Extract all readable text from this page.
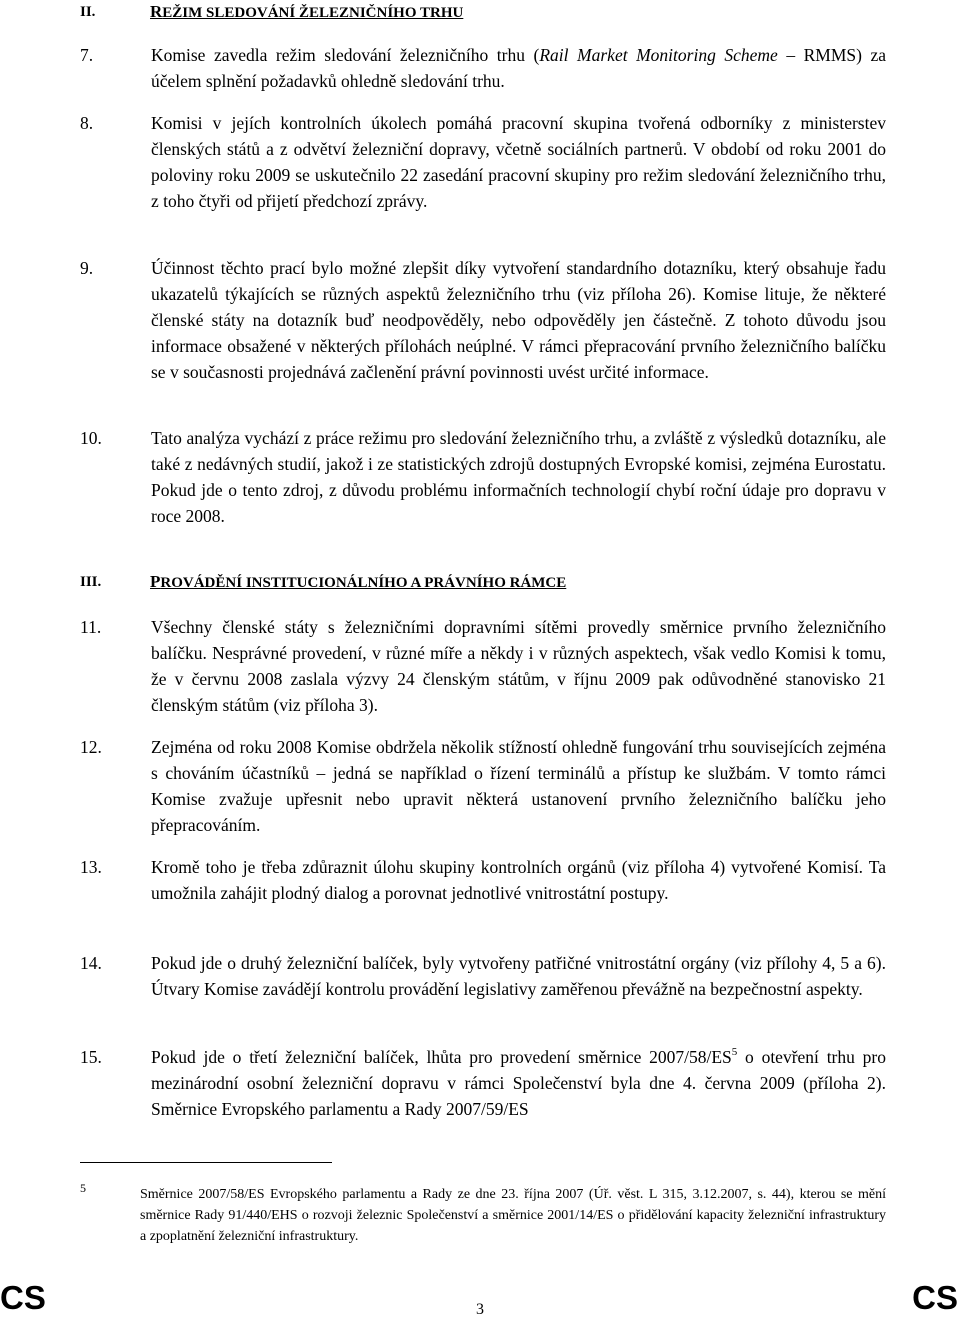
II.	REŽIM SLEDOVÁNÍ ŽELEZNIČNÍHO TRHU
7.	Komise zavedla režim sledování železničního trhu (Rail Market Monitoring Scheme – RMMS) za účelem splnění požadavků ohledně sledování trhu.
8.	Komisi v jejích kontrolních úkolech pomáhá pracovní skupina tvořená odborníky z ministerstev členských států a z odvětví železniční dopravy, včetně sociálních partnerů. V období od roku 2001 do poloviny roku 2009 se uskutečnilo 22 zasedání pracovní skupiny pro režim sledování železničního trhu, z toho čtyři od přijetí předchozí zprávy.
9.	Účinnost těchto prací bylo možné zlepšit díky vytvoření standardního dotazníku, který obsahuje řadu ukazatelů týkajících se různých aspektů železničního trhu (viz příloha 26). Komise lituje, že některé členské státy na dotazník buď neodpověděly, nebo odpověděly jen částečně. Z tohoto důvodu jsou informace obsažené v některých přílohách neúplné. V rámci přepracování prvního železničního balíčku se v současnosti projednává začlenění právní povinnosti uvést určité informace.
10.	Tato analýza vychází z práce režimu pro sledování železničního trhu, a zvláště z výsledků dotazníku, ale také z nedávných studií, jakož i ze statistických zdrojů dostupných Evropské komisi, zejména Eurostatu. Pokud jde o tento zdroj, z důvodu problému informačních technologií chybí roční údaje pro dopravu v roce 2008.
III.	PROVÁDĚNÍ INSTITUCIONÁLNÍHO A PRÁVNÍHO RÁMCE
11.	Všechny členské státy s železničními dopravními sítěmi provedly směrnice prvního železničního balíčku. Nesprávné provedení, v různé míře a někdy i v různých aspektech, však vedlo Komisi k tomu, že v červnu 2008 zaslala výzvy 24 členským státům, v říjnu 2009 pak odůvodněné stanovisko 21 členským státům (viz příloha 3).
12.	Zejména od roku 2008 Komise obdržela několik stížností ohledně fungování trhu souvisejících zejména s chováním účastníků – jedná se například o řízení terminálů a přístup ke službám. V tomto rámci Komise zvažuje upřesnit nebo upravit některá ustanovení prvního železničního balíčku jeho přepracováním.
13.	Kromě toho je třeba zdůraznit úlohu skupiny kontrolních orgánů (viz příloha 4) vytvořené Komisí. Ta umožnila zahájit plodný dialog a porovnat jednotlivé vnitrostátní postupy.
14.	Pokud jde o druhý železniční balíček, byly vytvořeny patřičné vnitrostátní orgány (viz přílohy 4, 5 a 6). Útvary Komise zavádějí kontrolu provádění legislativy zaměřenou převážně na bezpečnostní aspekty.
15.	Pokud jde o třetí železniční balíček, lhůta pro provedení směrnice $2007/58/ES^5$ o otevření trhu pro mezinárodní osobní železniční dopravu v rámci Společenství byla dne 4. června 2009 (příloha 2). Směrnice Evropského parlamentu a Rady 2007/59/ES
5	Směrnice 2007/58/ES Evropského parlamentu a Rady ze dne 23. října 2007 (Úř. věst. L 315, 3.12.2007, s. 44), kterou se mění směrnice Rady 91/440/EHS o rozvoji železnic Společenství a směrnice 2001/14/ES o přidělování kapacity železniční infrastruktury a zpoplatnění železniční infrastruktury.
CS	3	CS
